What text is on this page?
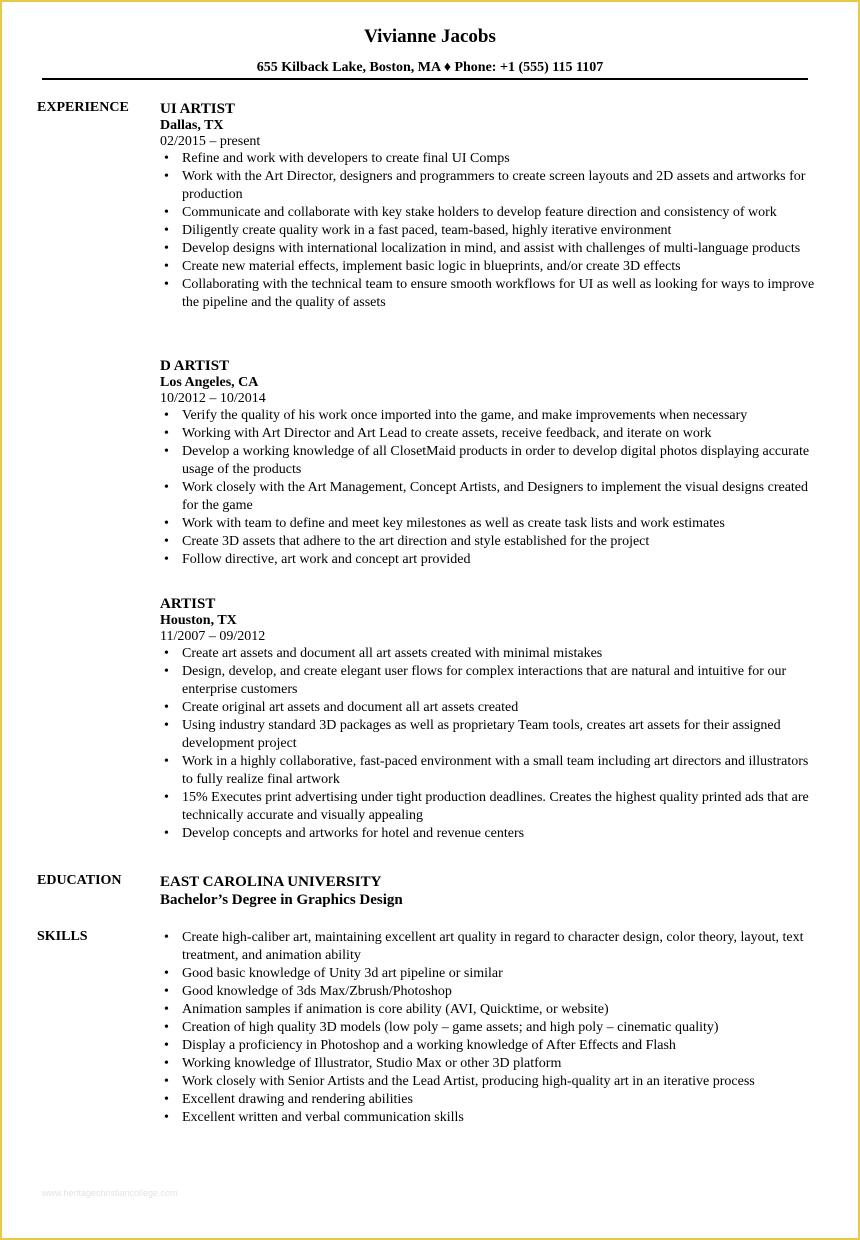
Vivianne Jacobs
655 Kilback Lake, Boston, MA ♦ Phone: +1 (555) 115 1107
EXPERIENCE UI ARTIST
Dallas, TX
02/2015 – present
• Refine and work with developers to create final UI Comps
• Work with the Art Director, designers and programmers to create screen layouts and 2D assets and artworks for production
• Communicate and collaborate with key stake holders to develop feature direction and consistency of work
• Diligently create quality work in a fast paced, team-based, highly iterative environment
• Develop designs with international localization in mind, and assist with challenges of multi-language products
• Create new material effects, implement basic logic in blueprints, and/or create 3D effects
• Collaborating with the technical team to ensure smooth workflows for UI as well as looking for ways to improve the pipeline and the quality of assets
D ARTIST
Los Angeles, CA
10/2012 – 10/2014
• Verify the quality of his work once imported into the game, and make improvements when necessary
• Working with Art Director and Art Lead to create assets, receive feedback, and iterate on work
• Develop a working knowledge of all ClosetMaid products in order to develop digital photos displaying accurate usage of the products
• Work closely with the Art Management, Concept Artists, and Designers to implement the visual designs created for the game
• Work with team to define and meet key milestones as well as create task lists and work estimates
• Create 3D assets that adhere to the art direction and style established for the project
• Follow directive, art work and concept art provided
ARTIST
Houston, TX
11/2007 – 09/2012
• Create art assets and document all art assets created with minimal mistakes
• Design, develop, and create elegant user flows for complex interactions that are natural and intuitive for our enterprise customers
• Create original art assets and document all art assets created
• Using industry standard 3D packages as well as proprietary Team tools, creates art assets for their assigned development project
• Work in a highly collaborative, fast-paced environment with a small team including art directors and illustrators to fully realize final artwork
• 15% Executes print advertising under tight production deadlines. Creates the highest quality printed ads that are technically accurate and visually appealing
• Develop concepts and artworks for hotel and revenue centers
EDUCATION	EAST CAROLINA UNIVERSITY
Bachelor’s Degree in Graphics Design
SKILLS	• Create high-caliber art, maintaining excellent art quality in regard to character design, color theory, layout, text treatment, and animation ability
• Good basic knowledge of Unity 3d art pipeline or similar
• Good knowledge of 3ds Max/Zbrush/Photoshop
• Animation samples if animation is core ability (AVI, Quicktime, or website)
• Creation of high quality 3D models (low poly – game assets; and high poly – cinematic quality)
• Display a proficiency in Photoshop and a working knowledge of After Effects and Flash
• Working knowledge of Illustrator, Studio Max or other 3D platform
• Work closely with Senior Artists and the Lead Artist, producing high-quality art in an iterative process
• Excellent drawing and rendering abilities
• Excellent written and verbal communication skills
www.heritagechristiancollege.com
